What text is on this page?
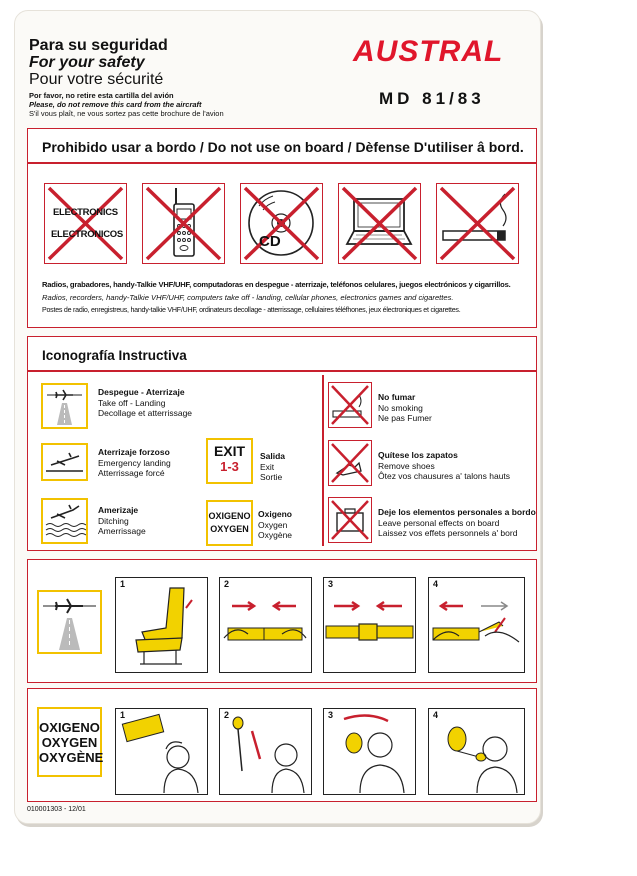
Para su seguridad
For your safety
Pour votre sécurité
Por favor, no retire esta cartilla del avión
Please, do not remove this card from the aircraft
S'il vous plaît, ne vous sortez pas cette brochure de l'avion
AUSTRAL
MD 81/83
Prohibido usar a bordo / Do not use on board / Dèfense D'utiliser â bord.
ELECTRONICS
ELECTRONICOS	CD
Radios, grabadores, handy-Talkie VHF/UHF, computadoras en despegue - aterrizaje, teléfonos celulares, juegos electrónicos y cigarrillos.
Radios, recorders, handy-Talkie VHF/UHF, computers take off - landing, cellular phones, electronics games and cigarettes.
Postes de radio, enregistreus, handy-talkie VHF/UHF, ordinateurs decollage - atterrissage, cellulaires téléfhones, jeux électroniques et cigarettes.
Iconografía Instructiva
Despegue - Aterrizaje
Take off - Landing
Decollage et atterrissage
Aterrizaje forzoso
Emergency landing
Atterrissage forcé
Amerizaje
Ditching
Amerrissage
EXIT
1-3
Salida
Exit
Sortie
OXIGENO
OXYGEN
Oxigeno
Oxygen
Oxygène
No fumar
No smoking
Ne pas Fumer
Quítese los zapatos
Remove shoes
Ôtez vos chausures a' talons hauts
Deje los elementos personales a bordo
Leave personal effects on board
Laissez vos effets personnels a' bord
1	2	3	4
OXIGENO
OXYGEN
OXYGÈNE
1	2	3	4
010001303 - 12/01
